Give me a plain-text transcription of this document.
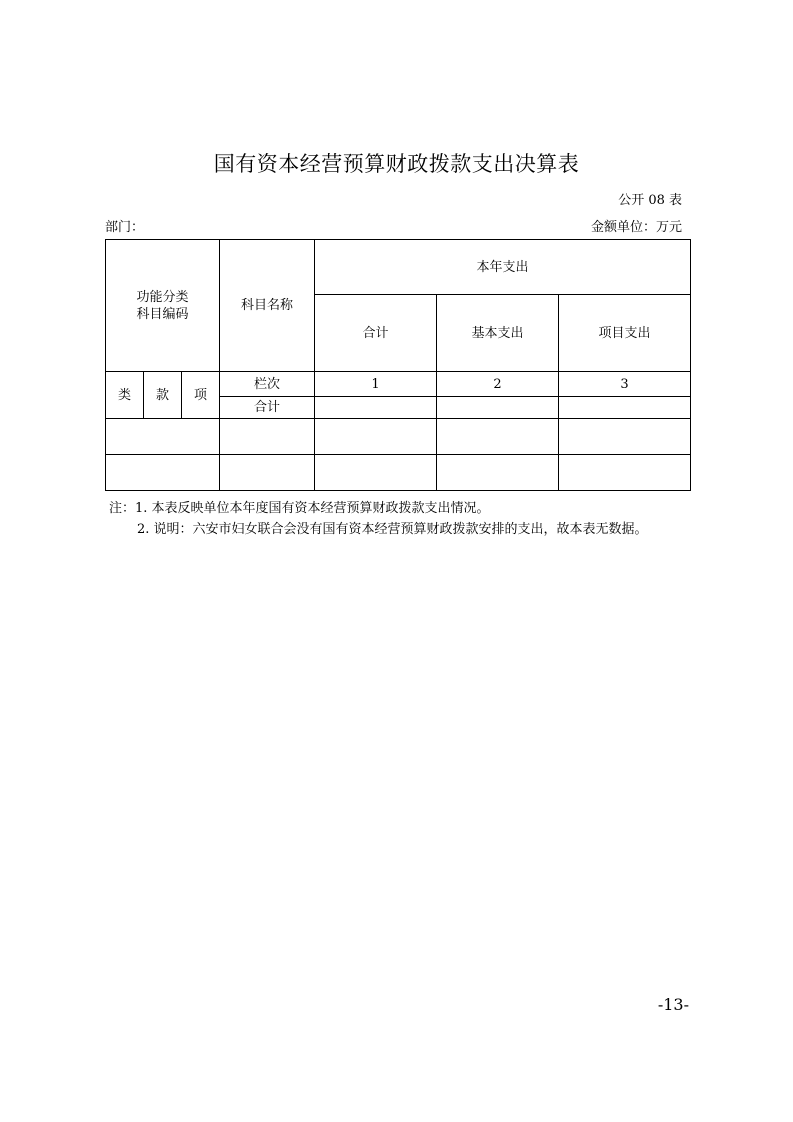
国有资本经营预算财政拨款支出决算表
公开 08 表
部门：	金额单位：万元
功能分类
科目编码			科目名称	本年支出		
				合计	基本支出	项目支出
类	款	项	栏次	1	2	3
			合计			

注：1. 本表反映单位本年度国有资本经营预算财政拨款支出情况。
2. 说明：六安市妇女联合会没有国有资本经营预算财政拨款安排的支出，故本表无数据。
-13-
